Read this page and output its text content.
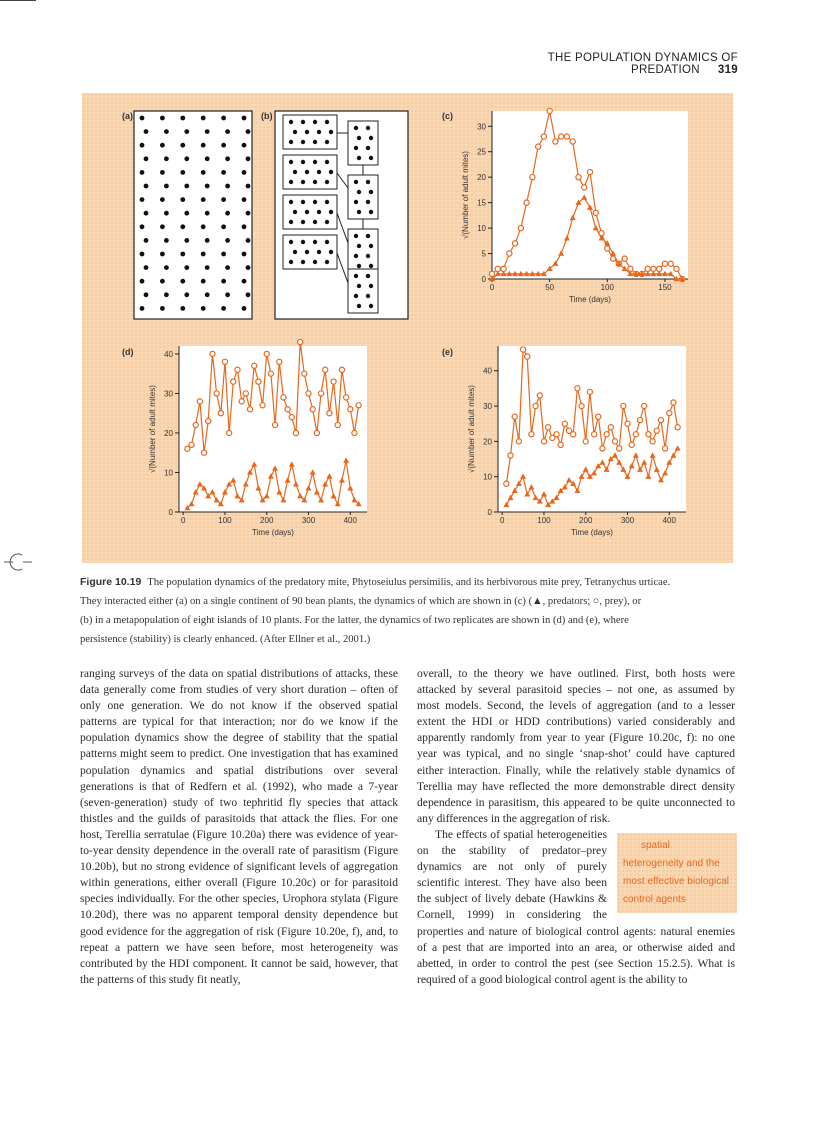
THE POPULATION DYNAMICS OF PREDATION 319
(a)	(b)	(c)
(d)	(e)
0	50	100	150
0
5
10
15
20
25
30
Time (days)
√(Number of adult mites)
0	100	200	300	400
0
10
20
30
40
Time (days)
√(Number of adult mites)
0	100	200	300	400
0
10
20
30
40
Time (days)
√(Number of adult mites)
Figure 10.19 The population dynamics of the predatory mite, Phytoseiulus persimilis, and its herbivorous mite prey, Tetranychus urticae.
They interacted either (a) on a single continent of 90 bean plants, the dynamics of which are shown in (c) (▲, predators; ○, prey), or
(b) in a metapopulation of eight islands of 10 plants. For the latter, the dynamics of two replicates are shown in (d) and (e), where
persistence (stability) is clearly enhanced. (After Ellner et al., 2001.)

ranging surveys of the data on spatial distributions of attacks, these data generally come from studies of very short duration – often of only one generation. We do not know if the observed spatial patterns are typical for that interaction; nor do we know if the population dynamics show the degree of stability that the spatial patterns might seem to predict. One investigation that has examined population dynamics and spatial distributions over several generations is that of Redfern et al. (1992), who made a 7-year (seven-generation) study of two tephritid fly species that attack thistles and the guilds of parasitoids that attack the flies. For one host, Terellia serratulae (Figure 10.20a) there was evidence of year-to-year density dependence in the overall rate of parasitism (Figure 10.20b), but no strong evidence of significant levels of aggregation within generations, either overall (Figure 10.20c) or for parasitoid species individually. For the other species, Urophora stylata (Figure 10.20d), there was no apparent temporal density dependence but good evidence for the aggregation of risk (Figure 10.20e, f), and, to repeat a pattern we have seen before, most heterogeneity was contributed by the HDI component. It cannot be said, however, that the patterns of this study fit neatly,

overall, to the theory we have outlined. First, both hosts were attacked by several parasitoid species – not one, as assumed by most models. Second, the levels of aggregation (and to a lesser extent the HDI or HDD contributions) varied considerably and apparently randomly from year to year (Figure 10.20c, f): no one year was typical, and no single ‘snap-shot’ could have captured either interaction. Finally, while the relatively stable dynamics of Terellia may have reflected the more demonstrable direct density dependence in parasitism, this appeared to be quite unconnected to any differences in the aggregation of risk.

spatial heterogeneity and the most effective biological control agents
The effects of spatial heterogeneities on the stability of predator–prey dynamics are not only of purely scientific interest. They have also been the subject of lively debate (Hawkins & Cornell, 1999) in considering the properties and nature of biological control agents: natural enemies of a pest that are imported into an area, or otherwise aided and abetted, in order to control the pest (see Section 15.2.5). What is required of a good biological control agent is the ability to
